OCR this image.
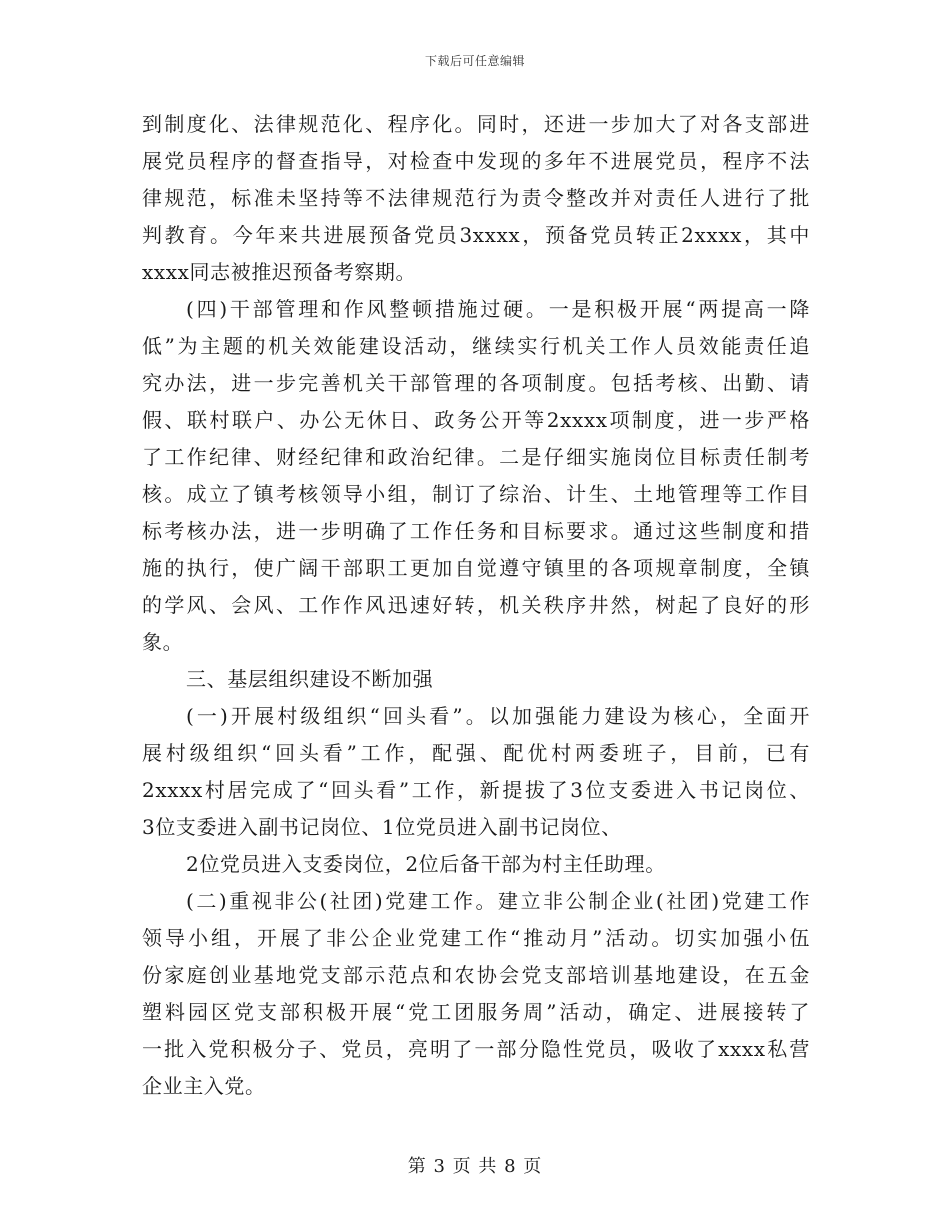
下载后可任意编辑
到制度化、法律规范化、程序化。同时，还进一步加大了对各支部进
展党员程序的督查指导，对检查中发现的多年不进展党员，程序不法
律规范，标准未坚持等不法律规范行为责令整改并对责任人进行了批
判教育。今年来共进展预备党员3xxxx，预备党员转正2xxxx，其中
xxxx同志被推迟预备考察期。
(四)干部管理和作风整顿措施过硬。一是积极开展“两提高一降
低”为主题的机关效能建设活动，继续实行机关工作人员效能责任追
究办法，进一步完善机关干部管理的各项制度。包括考核、出勤、请
假、联村联户、办公无休日、政务公开等2xxxx项制度，进一步严格
了工作纪律、财经纪律和政治纪律。二是仔细实施岗位目标责任制考
核。成立了镇考核领导小组，制订了综治、计生、土地管理等工作目
标考核办法，进一步明确了工作任务和目标要求。通过这些制度和措
施的执行，使广阔干部职工更加自觉遵守镇里的各项规章制度，全镇
的学风、会风、工作作风迅速好转，机关秩序井然，树起了良好的形
象。
三、基层组织建设不断加强
(一)开展村级组织“回头看”。以加强能力建设为核心，全面开
展村级组织“回头看”工作，配强、配优村两委班子，目前，已有
2xxxx村居完成了“回头看”工作，新提拔了3位支委进入书记岗位、
3位支委进入副书记岗位、1位党员进入副书记岗位、
2位党员进入支委岗位，2位后备干部为村主任助理。
(二)重视非公(社团)党建工作。建立非公制企业(社团)党建工作
领导小组，开展了非公企业党建工作“推动月”活动。切实加强小伍
份家庭创业基地党支部示范点和农协会党支部培训基地建设，在五金
塑料园区党支部积极开展“党工团服务周”活动，确定、进展接转了
一批入党积极分子、党员，亮明了一部分隐性党员，吸收了xxxx私营
企业主入党。
第 3 页 共 8 页
